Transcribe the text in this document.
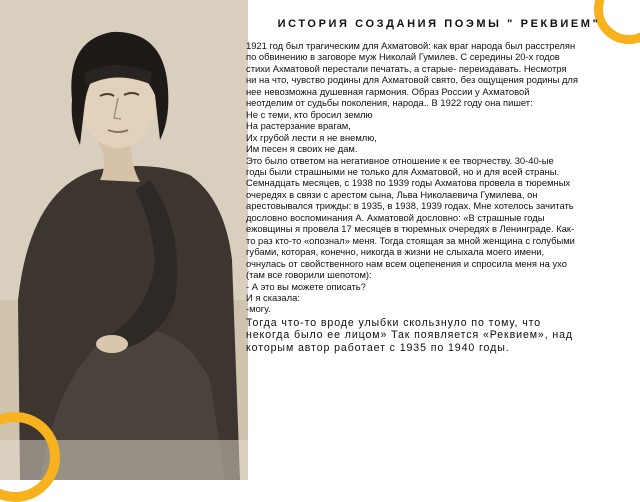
ИСТОРИЯ СОЗДАНИЯ ПОЭМЫ " РЕКВИЕМ"
1921 год был трагическим для Ахматовой: как враг народа был расстрелян
по обвинению в заговоре муж Николай Гумилев. С середины 20-х годов
стихи Ахматовой перестали печатать, а старые- переиздавать. Несмотря
ни на что, чувство родины для Ахматовой свято, без ощущения родины для
нее невозможна душевная гармония. Образ России у Ахматовой
неотделим от судьбы поколения, народа.. В 1922 году она пишет:
Не с теми, кто бросил землю
На растерзание врагам,
Их грубой лести я не внемлю,
Им песен я своих не дам.
Это было ответом на негативное отношение к ее творчеству. 30-40-ые
годы были страшными не только для Ахматовой, но и для всей страны.
Семнадцать месяцев, с 1938 по 1939 годы Ахматова провела в тюремных
очередях в связи с арестом сына, Льва Николаевича Гумилева, он
арестовывался трижды: в 1935, в 1938, 1939 годах. Мне хотелось зачитать
дословно воспоминания А. Ахматовой дословно: «В страшные годы
ежовщины я провела 17 месяцев в тюремных очередях в Ленинграде. Как-
то раз кто-то «опознал» меня. Тогда стоящая за мной женщина с голубыми
губами, которая, конечно, никогда в жизни не слыхала моего имени,
очнулась от свойственного нам всем оцепенения и спросила меня на ухо
(там все говорили шепотом):
- А это вы можете описать?
И я сказала:
-могу.
Тогда что-то вроде улыбки скользнуло по тому, что
некогда было ее лицом» Так появляется «Реквием», над
которым автор работает с 1935 по 1940 годы.
